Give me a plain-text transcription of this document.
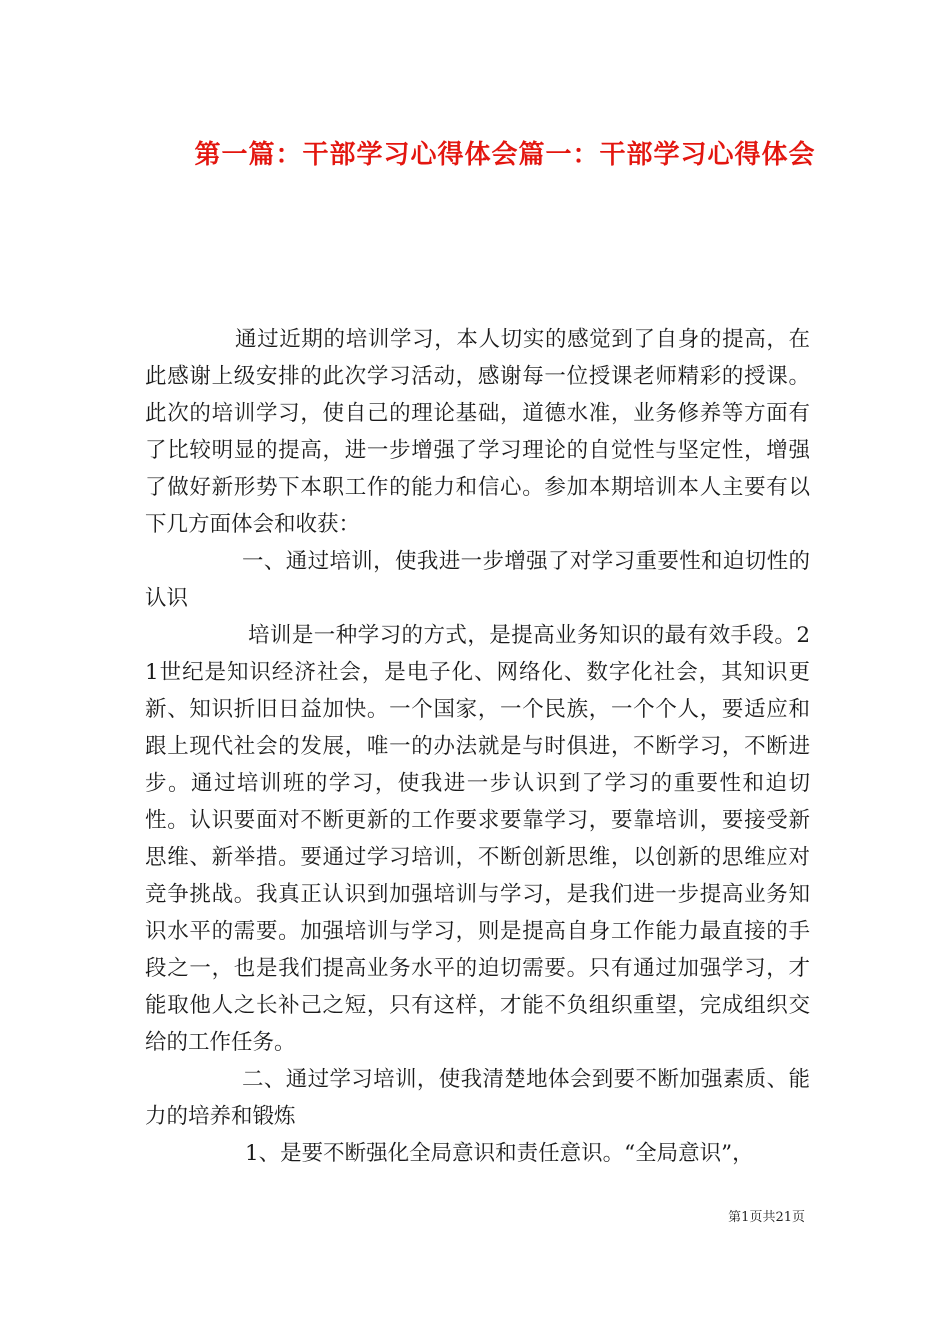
第一篇：干部学习心得体会篇一：干部学习心得体会

通过近期的培训学习，本人切实的感觉到了自身的提高，在此感谢上级安排的此次学习活动，感谢每一位授课老师精彩的授课。此次的培训学习，使自己的理论基础，道德水准，业务修养等方面有了比较明显的提高，进一步增强了学习理论的自觉性与坚定性，增强了做好新形势下本职工作的能力和信心。参加本期培训本人主要有以下几方面体会和收获：

一、通过培训，使我进一步增强了对学习重要性和迫切性的认识

培训是一种学习的方式，是提高业务知识的最有效手段。21世纪是知识经济社会，是电子化、网络化、数字化社会，其知识更新、知识折旧日益加快。一个国家，一个民族，一个个人，要适应和跟上现代社会的发展，唯一的办法就是与时俱进，不断学习，不断进步。通过培训班的学习，使我进一步认识到了学习的重要性和迫切性。认识要面对不断更新的工作要求要靠学习，要靠培训，要接受新思维、新举措。要通过学习培训，不断创新思维，以创新的思维应对竞争挑战。我真正认识到加强培训与学习，是我们进一步提高业务知识水平的需要。加强培训与学习，则是提高自身工作能力最直接的手段之一，也是我们提高业务水平的迫切需要。只有通过加强学习，才能取他人之长补己之短，只有这样，才能不负组织重望，完成组织交给的工作任务。

二、通过学习培训，使我清楚地体会到要不断加强素质、能力的培养和锻炼

1、是要不断强化全局意识和责任意识。“全局意识”，

第1页共21页
